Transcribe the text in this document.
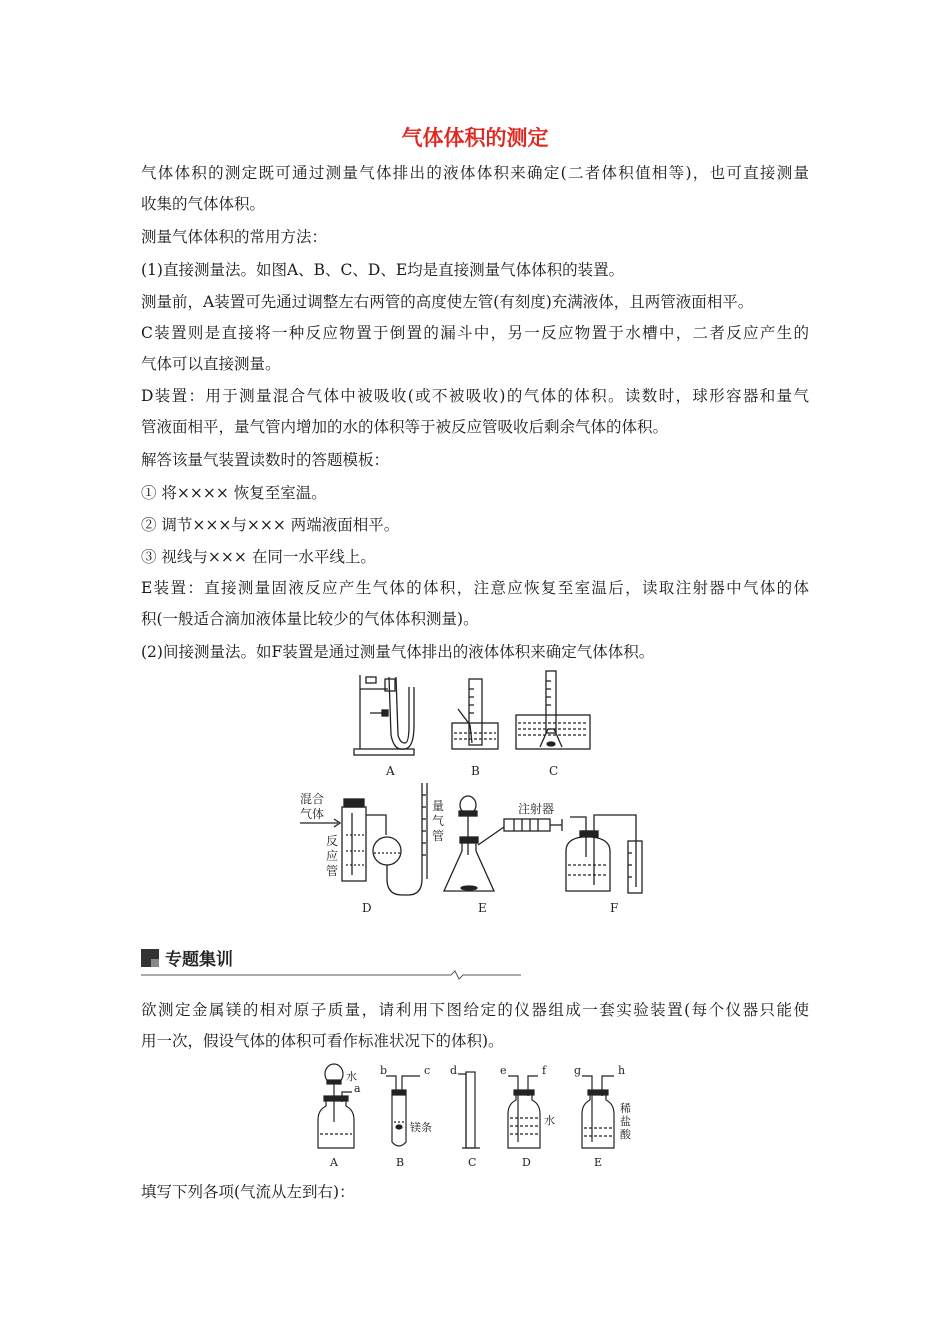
气体体积的测定
气体体积的测定既可通过测量气体排出的液体体积来确定(二者体积值相等)，也可直接测量
收集的气体体积。
测量气体体积的常用方法：
(1)直接测量法。如图A、B、C、D、E均是直接测量气体体积的装置。
测量前，A装置可先通过调整左右两管的高度使左管(有刻度)充满液体，且两管液面相平。
C装置则是直接将一种反应物置于倒置的漏斗中，另一反应物置于水槽中，二者反应产生的
气体可以直接测量。
D装置：用于测量混合气体中被吸收(或不被吸收)的气体的体积。读数时，球形容器和量气
管液面相平，量气管内增加的水的体积等于被反应管吸收后剩余气体的体积。
解答该量气装置读数时的答题模板：
① 将×××× 恢复至室温。
② 调节×××与××× 两端液面相平。
③ 视线与××× 在同一水平线上。
E装置：直接测量固液反应产生气体的体积，注意应恢复至室温后，读取注射器中气体的体
积(一般适合滴加液体量比较少的气体体积测量)。
(2)间接测量法。如F装置是通过测量气体排出的液体体积来确定气体体积。
A	B	C
混合
气体
反
应
管
量
气
管
注射器
D	E	F
专题集训
欲测定金属镁的相对原子质量，请利用下图给定的仪器组成一套实验装置(每个仪器只能使
用一次，假设气体的体积可看作标准状况下的体积)。
水
a
b	c
镁条
d	e	f
水
g	h
稀
盐
酸
A	B	C	D	E
填写下列各项(气流从左到右)：
